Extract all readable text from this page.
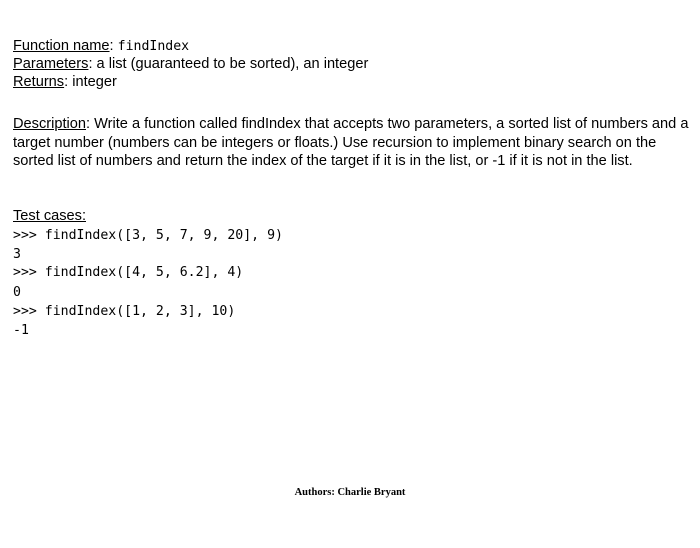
Function name: findIndex
Parameters: a list (guaranteed to be sorted), an integer
Returns: integer
Description: Write a function called findIndex that accepts two parameters, a sorted list of numbers and a target number (numbers can be integers or floats.) Use recursion to implement binary search on the sorted list of numbers and return the index of the target if it is in the list, or -1 if it is not in the list.
Test cases:
>>> findIndex([3, 5, 7, 9, 20], 9)
3
>>> findIndex([4, 5, 6.2], 4)
0
>>> findIndex([1, 2, 3], 10)
-1
Authors: Charlie Bryant
